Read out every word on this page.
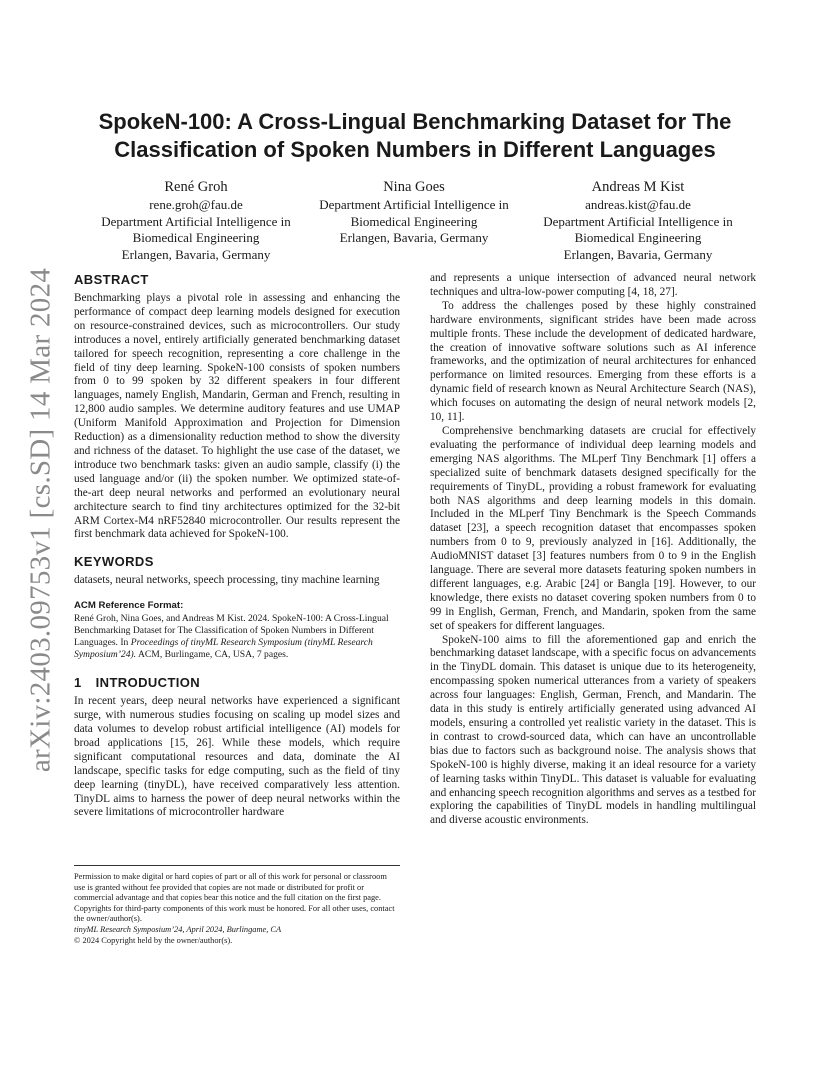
arXiv:2403.09753v1 [cs.SD] 14 Mar 2024
SpokeN-100: A Cross-Lingual Benchmarking Dataset for The Classification of Spoken Numbers in Different Languages
René Groh
rene.groh@fau.de
Department Artificial Intelligence in
Biomedical Engineering
Erlangen, Bavaria, Germany
Nina Goes
Department Artificial Intelligence in
Biomedical Engineering
Erlangen, Bavaria, Germany
Andreas M Kist
andreas.kist@fau.de
Department Artificial Intelligence in
Biomedical Engineering
Erlangen, Bavaria, Germany
ABSTRACT

Benchmarking plays a pivotal role in assessing and enhancing the performance of compact deep learning models designed for execution on resource-constrained devices, such as microcontrollers. Our study introduces a novel, entirely artificially generated benchmarking dataset tailored for speech recognition, representing a core challenge in the field of tiny deep learning. SpokeN-100 consists of spoken numbers from 0 to 99 spoken by 32 different speakers in four different languages, namely English, Mandarin, German and French, resulting in 12,800 audio samples. We determine auditory features and use UMAP (Uniform Manifold Approximation and Projection for Dimension Reduction) as a dimensionality reduction method to show the diversity and richness of the dataset. To highlight the use case of the dataset, we introduce two benchmark tasks: given an audio sample, classify (i) the used language and/or (ii) the spoken number. We optimized state-of-the-art deep neural networks and performed an evolutionary neural architecture search to find tiny architectures optimized for the 32-bit ARM Cortex-M4 nRF52840 microcontroller. Our results represent the first benchmark data achieved for SpokeN-100.

KEYWORDS

datasets, neural networks, speech processing, tiny machine learning

ACM Reference Format:

René Groh, Nina Goes, and Andreas M Kist. 2024. SpokeN-100: A Cross-Lingual Benchmarking Dataset for The Classification of Spoken Numbers in Different Languages. In Proceedings of tinyML Research Symposium (tinyML Research Symposium’24). ACM, Burlingame, CA, USA, 7 pages.

1 INTRODUCTION

In recent years, deep neural networks have experienced a significant surge, with numerous studies focusing on scaling up model sizes and data volumes to develop robust artificial intelligence (AI) models for broad applications [15, 26]. While these models, which require significant computational resources and data, dominate the AI landscape, specific tasks for edge computing, such as the field of tiny deep learning (tinyDL), have received comparatively less attention. TinyDL aims to harness the power of deep neural networks within the severe limitations of microcontroller hardware

and represents a unique intersection of advanced neural network techniques and ultra-low-power computing [4, 18, 27].

To address the challenges posed by these highly constrained hardware environments, significant strides have been made across multiple fronts. These include the development of dedicated hardware, the creation of innovative software solutions such as AI inference frameworks, and the optimization of neural architectures for enhanced performance on limited resources. Emerging from these efforts is a dynamic field of research known as Neural Architecture Search (NAS), which focuses on automating the design of neural network models [2, 10, 11].

Comprehensive benchmarking datasets are crucial for effectively evaluating the performance of individual deep learning models and emerging NAS algorithms. The MLperf Tiny Benchmark [1] offers a specialized suite of benchmark datasets designed specifically for the requirements of TinyDL, providing a robust framework for evaluating both NAS algorithms and deep learning models in this domain. Included in the MLperf Tiny Benchmark is the Speech Commands dataset [23], a speech recognition dataset that encompasses spoken numbers from 0 to 9, previously analyzed in [16]. Additionally, the AudioMNIST dataset [3] features numbers from 0 to 9 in the English language. There are several more datasets featuring spoken numbers in different languages, e.g. Arabic [24] or Bangla [19]. However, to our knowledge, there exists no dataset covering spoken numbers from 0 to 99 in English, German, French, and Mandarin, spoken from the same set of speakers for different languages.

SpokeN-100 aims to fill the aforementioned gap and enrich the benchmarking dataset landscape, with a specific focus on advancements in the TinyDL domain. This dataset is unique due to its heterogeneity, encompassing spoken numerical utterances from a variety of speakers across four languages: English, German, French, and Mandarin. The data in this study is entirely artificially generated using advanced AI models, ensuring a controlled yet realistic variety in the dataset. This is in contrast to crowd-sourced data, which can have an uncontrollable bias due to factors such as background noise. The analysis shows that SpokeN-100 is highly diverse, making it an ideal resource for a variety of learning tasks within TinyDL. This dataset is valuable for evaluating and enhancing speech recognition algorithms and serves as a testbed for exploring the capabilities of TinyDL models in handling multilingual and diverse acoustic environments.

Permission to make digital or hard copies of part or all of this work for personal or classroom use is granted without fee provided that copies are not made or distributed for profit or commercial advantage and that copies bear this notice and the full citation on the first page. Copyrights for third-party components of this work must be honored. For all other uses, contact the owner/author(s).

tinyML Research Symposium’24, April 2024, Burlingame, CA

© 2024 Copyright held by the owner/author(s).
